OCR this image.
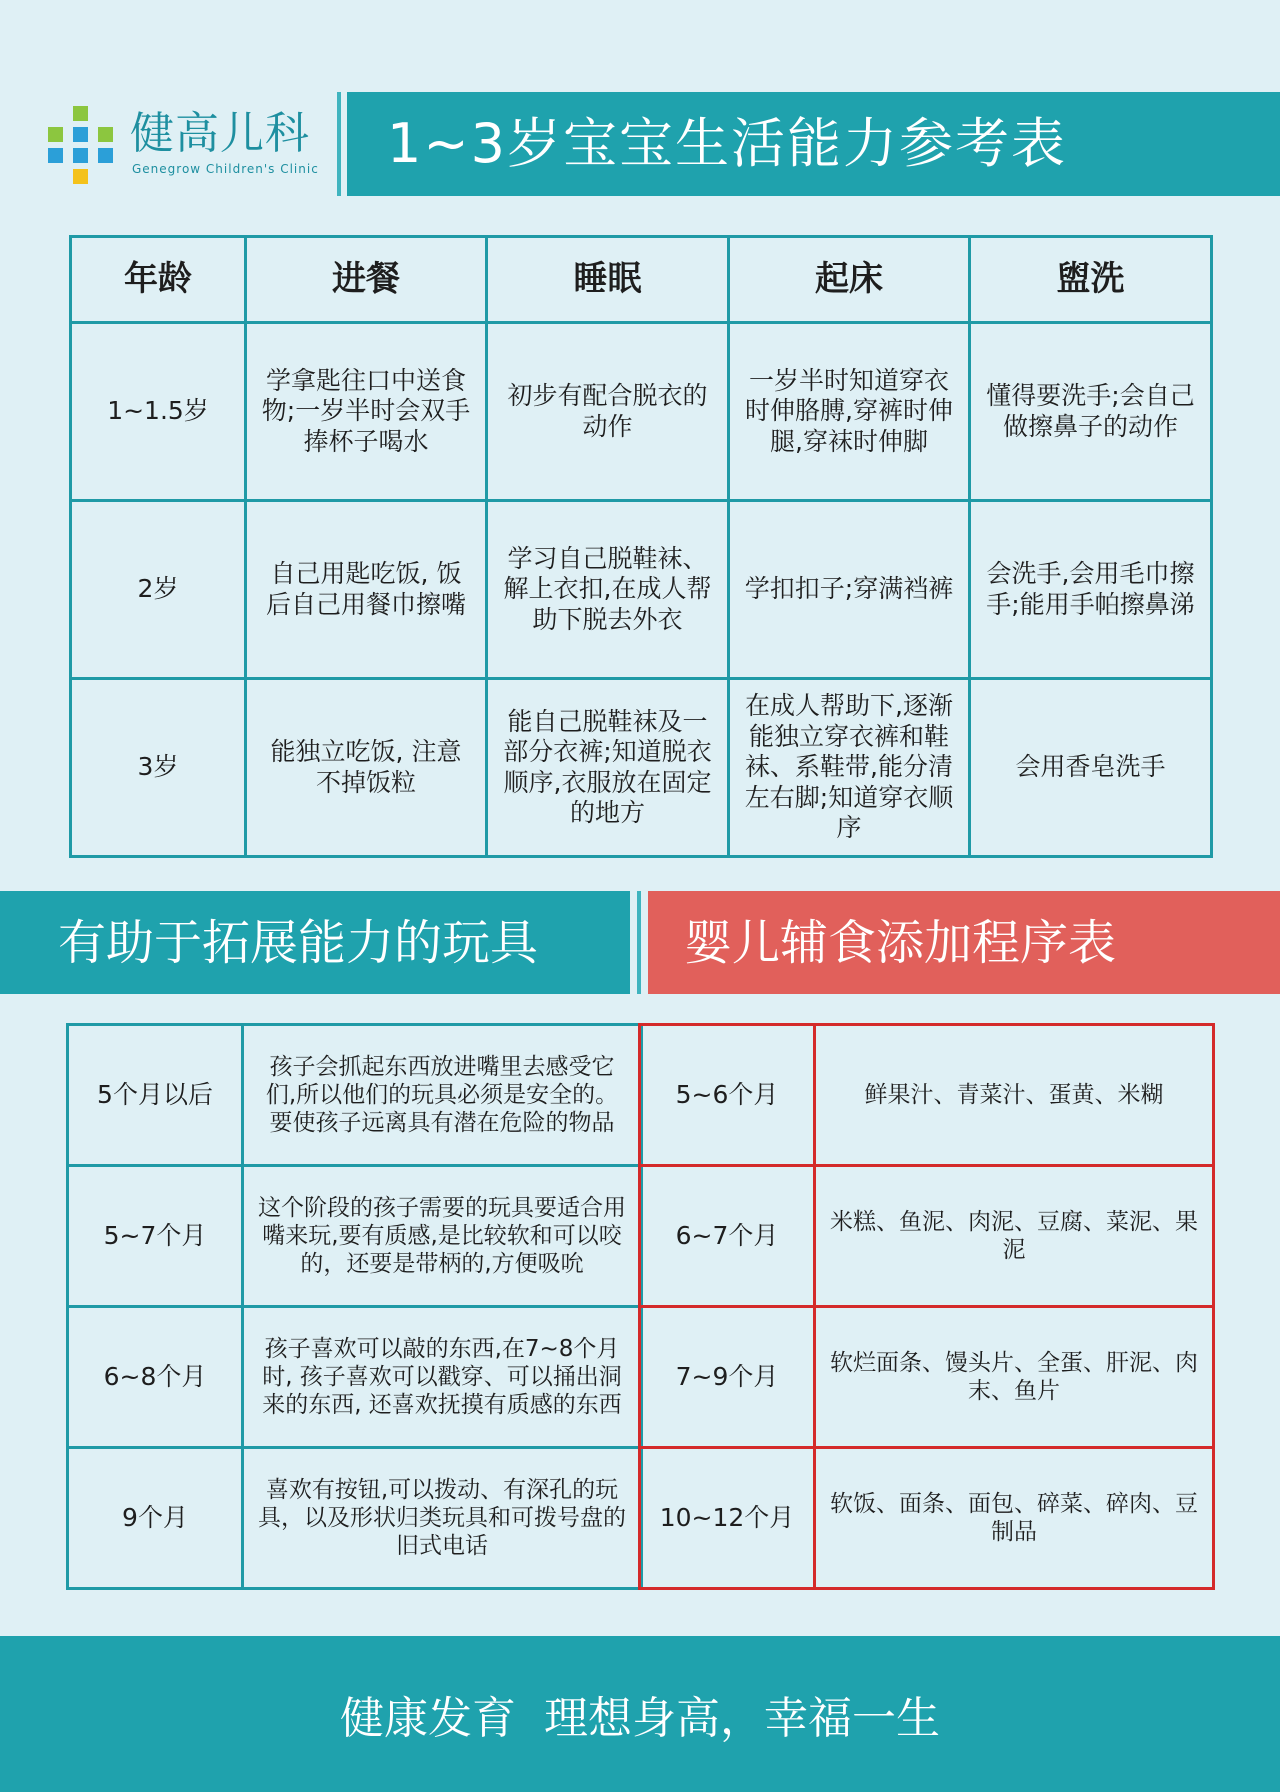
健高儿科
Genegrow Children's Clinic 1~3岁宝宝生活能力参考表
年龄	进餐	睡眠	起床	盥洗
1~1.5岁	学拿匙往口中送食物;一岁半时会双手捧杯子喝水	初步有配合脱衣的动作	一岁半时知道穿衣时伸胳膊,穿裤时伸腿,穿袜时伸脚	懂得要洗手;会自己做擦鼻子的动作
2岁	自己用匙吃饭, 饭后自己用餐巾擦嘴	学习自己脱鞋袜、解上衣扣,在成人帮助下脱去外衣	学扣扣子;穿满裆裤	会洗手,会用毛巾擦手;能用手帕擦鼻涕
3岁	能独立吃饭, 注意不掉饭粒	能自己脱鞋袜及一部分衣裤;知道脱衣顺序,衣服放在固定的地方	在成人帮助下,逐渐能独立穿衣裤和鞋袜、系鞋带,能分清左右脚;知道穿衣顺序	会用香皂洗手
有助于拓展能力的玩具	婴儿辅食添加程序表
5个月以后	孩子会抓起东西放进嘴里去感受它们,所以他们的玩具必须是安全的。要使孩子远离具有潜在危险的物品
5~7个月	这个阶段的孩子需要的玩具要适合用嘴来玩,要有质感,是比较软和可以咬的，还要是带柄的,方便吸吮
6~8个月	孩子喜欢可以敲的东西,在7~8个月时, 孩子喜欢可以戳穿、可以捅出洞来的东西, 还喜欢抚摸有质感的东西
9个月	喜欢有按钮,可以拨动、有深孔的玩具，以及形状归类玩具和可拨号盘的旧式电话
5~6个月	鲜果汁、青菜汁、蛋黄、米糊
6~7个月	米糕、鱼泥、肉泥、豆腐、菜泥、果泥
7~9个月	软烂面条、馒头片、全蛋、肝泥、肉末、鱼片
10~12个月	软饭、面条、面包、碎菜、碎肉、豆制品
健康发育  理想身高，幸福一生
